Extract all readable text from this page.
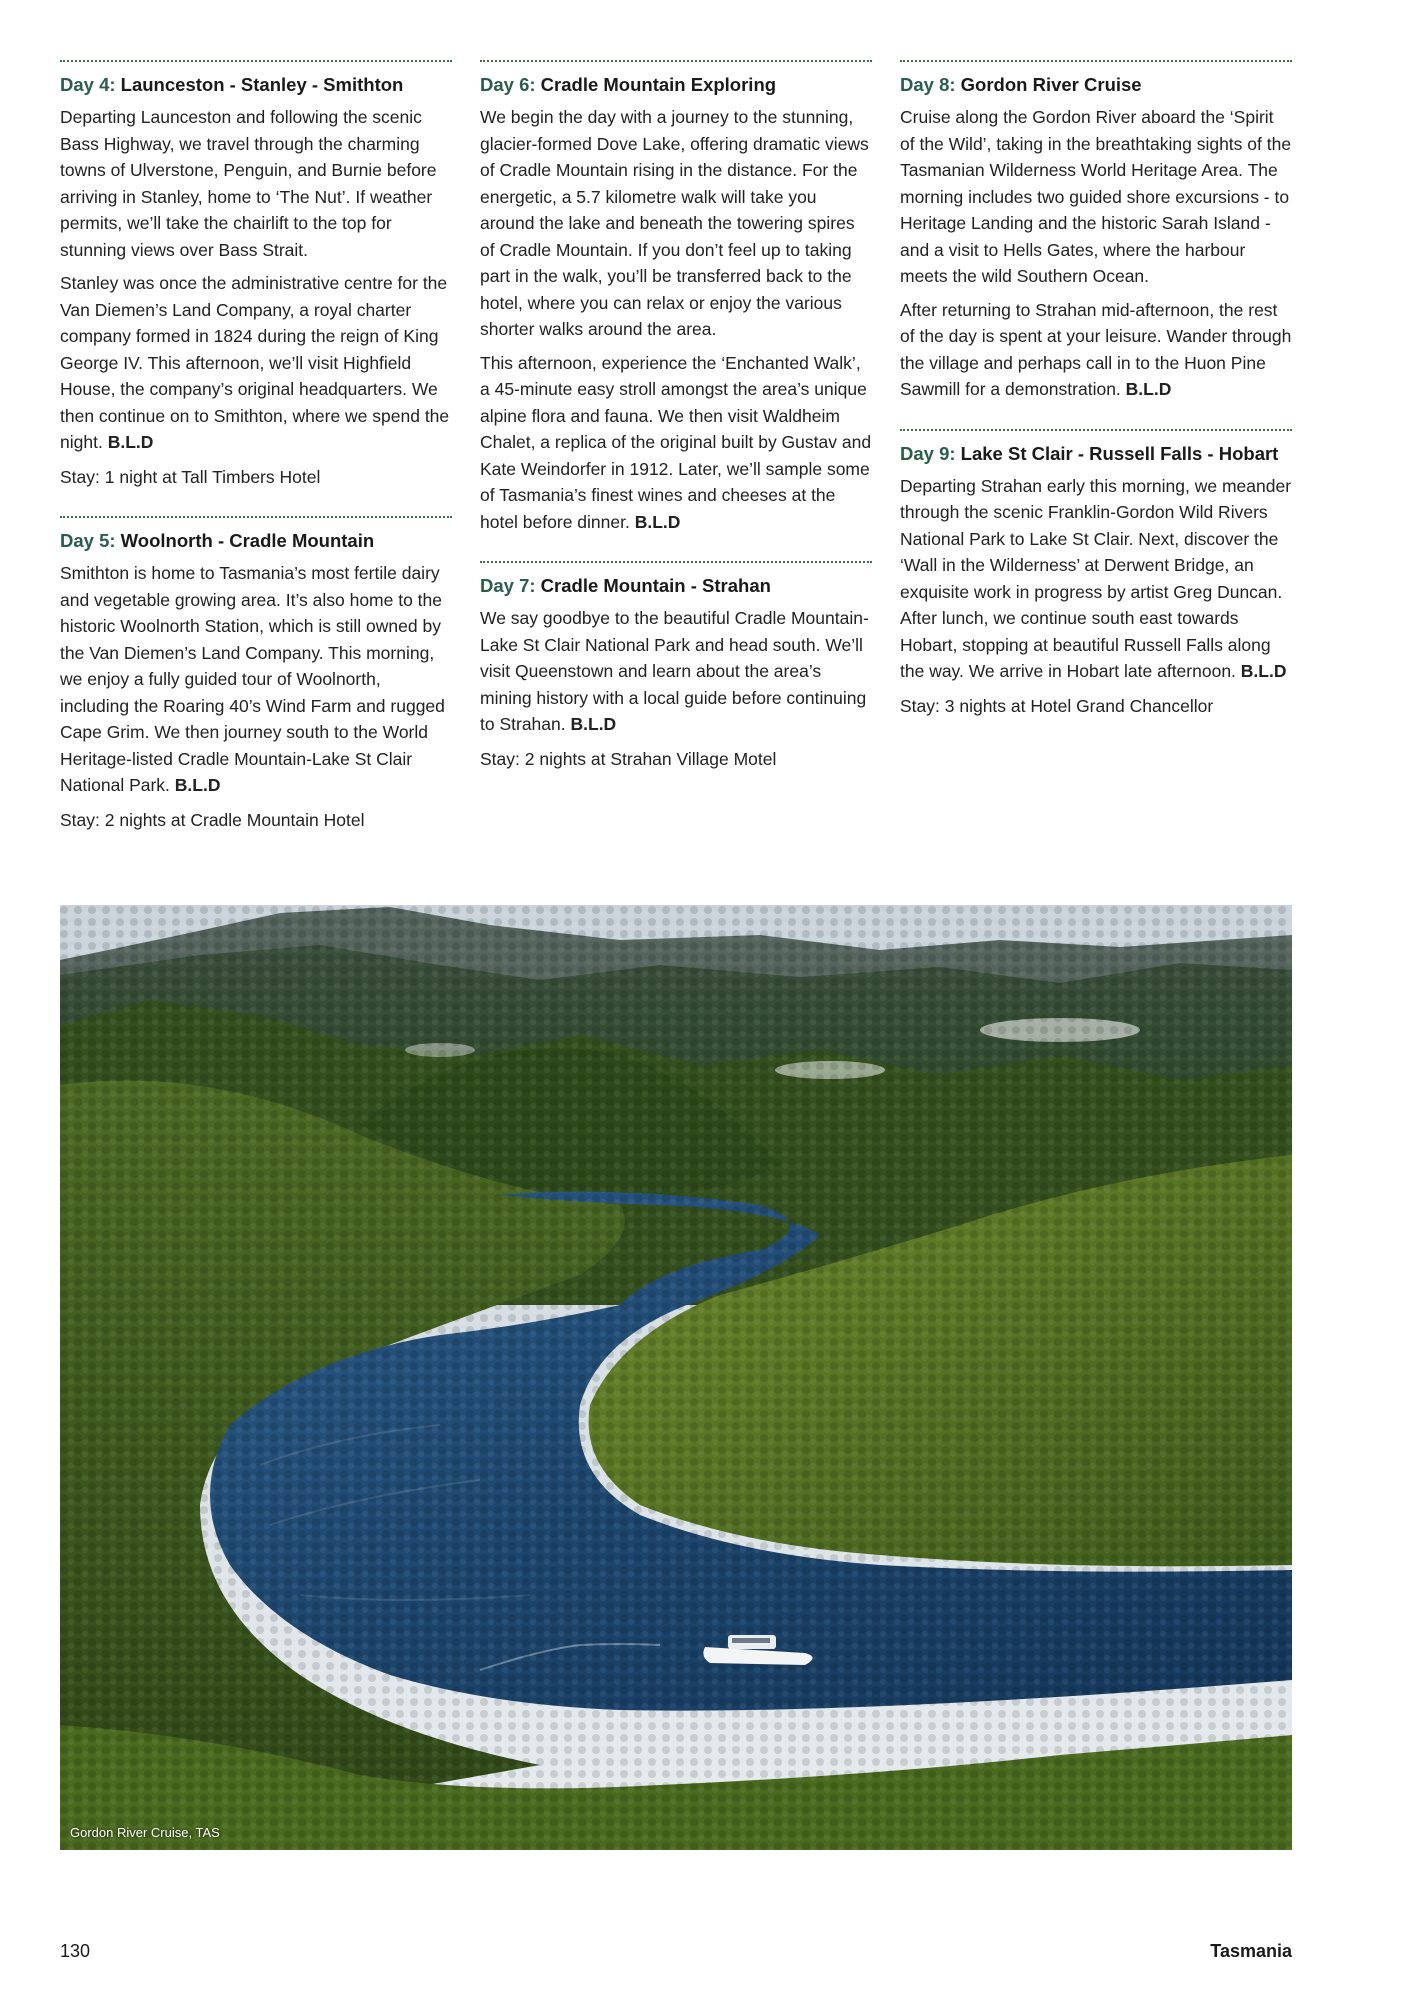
Day 4: Launceston - Stanley - Smithton

Departing Launceston and following the scenic Bass Highway, we travel through the charming towns of Ulverstone, Penguin, and Burnie before arriving in Stanley, home to ‘The Nut’. If weather permits, we’ll take the chairlift to the top for stunning views over Bass Strait.

Stanley was once the administrative centre for the Van Diemen’s Land Company, a royal charter company formed in 1824 during the reign of King George IV. This afternoon, we’ll visit Highfield House, the company’s original headquarters. We then continue on to Smithton, where we spend the night. B.L.D

Stay: 1 night at Tall Timbers Hotel

Day 5: Woolnorth - Cradle Mountain

Smithton is home to Tasmania’s most fertile dairy and vegetable growing area. It’s also home to the historic Woolnorth Station, which is still owned by the Van Diemen’s Land Company. This morning, we enjoy a fully guided tour of Woolnorth, including the Roaring 40’s Wind Farm and rugged Cape Grim. We then journey south to the World Heritage-listed Cradle Mountain-Lake St Clair National Park. B.L.D

Stay: 2 nights at Cradle Mountain Hotel

Day 6: Cradle Mountain Exploring

We begin the day with a journey to the stunning, glacier-formed Dove Lake, offering dramatic views of Cradle Mountain rising in the distance. For the energetic, a 5.7 kilometre walk will take you around the lake and beneath the towering spires of Cradle Mountain. If you don’t feel up to taking part in the walk, you’ll be transferred back to the hotel, where you can relax or enjoy the various shorter walks around the area.

This afternoon, experience the ‘Enchanted Walk’, a 45-minute easy stroll amongst the area’s unique alpine flora and fauna. We then visit Waldheim Chalet, a replica of the original built by Gustav and Kate Weindorfer in 1912. Later, we’ll sample some of Tasmania’s finest wines and cheeses at the hotel before dinner. B.L.D

Day 7: Cradle Mountain - Strahan

We say goodbye to the beautiful Cradle Mountain-Lake St Clair National Park and head south. We’ll visit Queenstown and learn about the area’s mining history with a local guide before continuing to Strahan. B.L.D

Stay: 2 nights at Strahan Village Motel

Day 8: Gordon River Cruise

Cruise along the Gordon River aboard the ‘Spirit of the Wild’, taking in the breathtaking sights of the Tasmanian Wilderness World Heritage Area. The morning includes two guided shore excursions - to Heritage Landing and the historic Sarah Island - and a visit to Hells Gates, where the harbour meets the wild Southern Ocean.

After returning to Strahan mid-afternoon, the rest of the day is spent at your leisure. Wander through the village and perhaps call in to the Huon Pine Sawmill for a demonstration. B.L.D

Day 9: Lake St Clair - Russell Falls - Hobart

Departing Strahan early this morning, we meander through the scenic Franklin-Gordon Wild Rivers National Park to Lake St Clair. Next, discover the ‘Wall in the Wilderness’ at Derwent Bridge, an exquisite work in progress by artist Greg Duncan. After lunch, we continue south east towards Hobart, stopping at beautiful Russell Falls along the way. We arrive in Hobart late afternoon. B.L.D

Stay: 3 nights at Hotel Grand Chancellor

Gordon River Cruise, TAS
130	Tasmania
